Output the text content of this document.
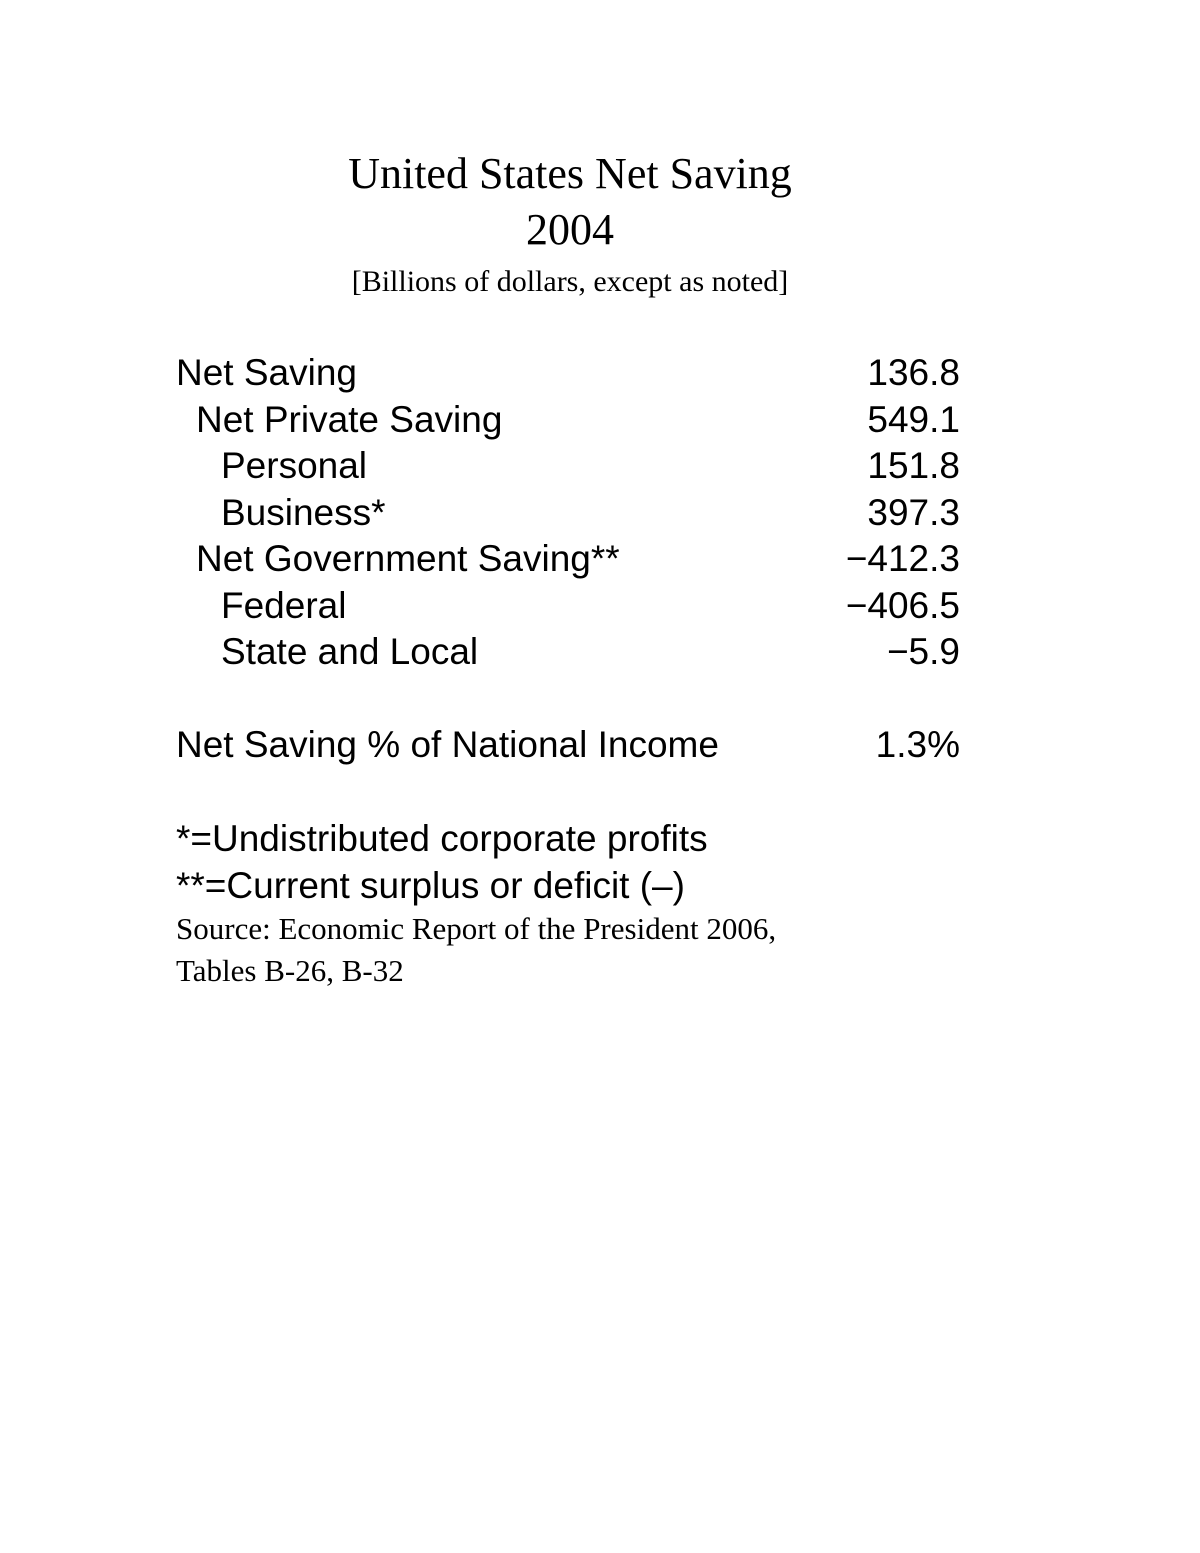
United States Net Saving
2004
[Billions of dollars, except as noted]
Net Saving	136.8
Net Private Saving	549.1
Personal	151.8
Business*	397.3
Net Government Saving**	−412.3
Federal	−406.5
State and Local	−5.9
Net Saving % of National Income	1.3%
*=Undistributed corporate profits
**=Current surplus or deficit (–)
Source: Economic Report of the President 2006,
Tables B-26, B-32
